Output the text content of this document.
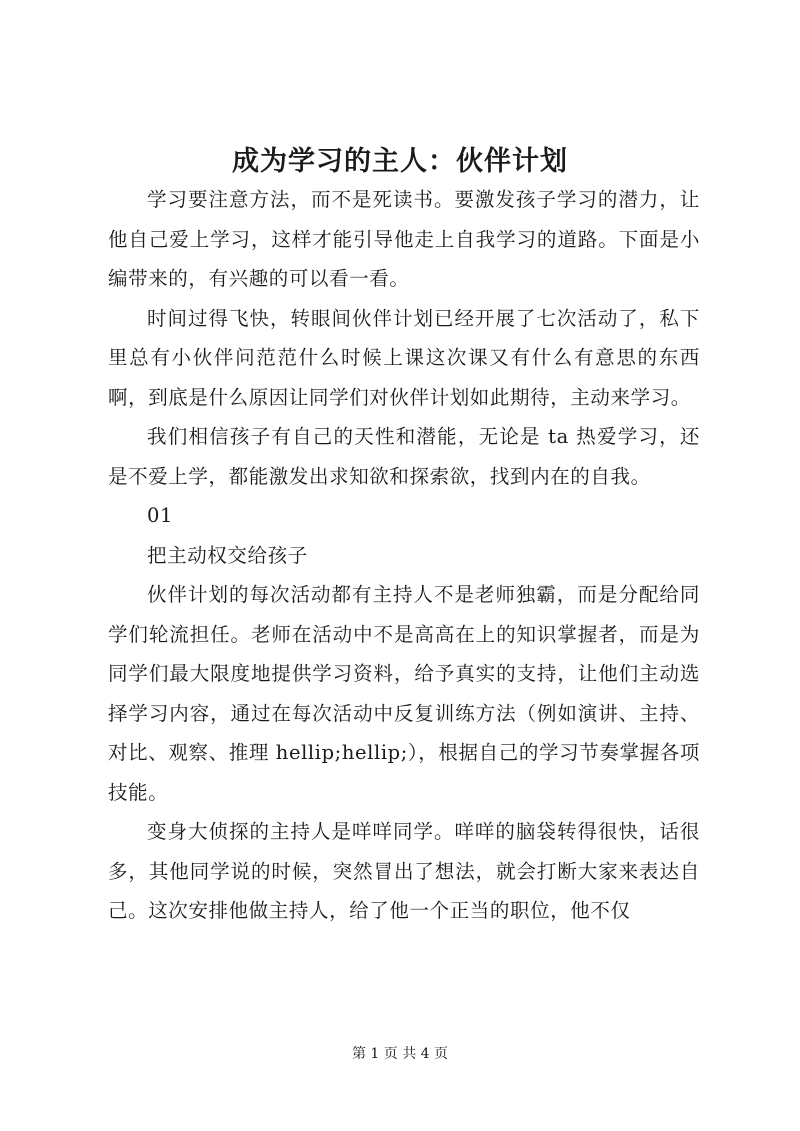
成为学习的主人：伙伴计划

学习要注意方法，而不是死读书。要激发孩子学习的潜力，让他自己爱上学习，这样才能引导他走上自我学习的道路。下面是小编带来的，有兴趣的可以看一看。

时间过得飞快，转眼间伙伴计划已经开展了七次活动了，私下里总有小伙伴问范范什么时候上课这次课又有什么有意思的东西啊，到底是什么原因让同学们对伙伴计划如此期待，主动来学习。

我们相信孩子有自己的天性和潜能，无论是 ta 热爱学习，还是不爱上学，都能激发出求知欲和探索欲，找到内在的自我。

01

把主动权交给孩子

伙伴计划的每次活动都有主持人不是老师独霸，而是分配给同学们轮流担任。老师在活动中不是高高在上的知识掌握者，而是为同学们最大限度地提供学习资料，给予真实的支持，让他们主动选择学习内容，通过在每次活动中反复训练方法（例如演讲、主持、对比、观察、推理 hellip;hellip;），根据自己的学习节奏掌握各项技能。

变身大侦探的主持人是咩咩同学。咩咩的脑袋转得很快，话很多，其他同学说的时候，突然冒出了想法，就会打断大家来表达自己。这次安排他做主持人，给了他一个正当的职位，他不仅

第 1 页 共 4 页
